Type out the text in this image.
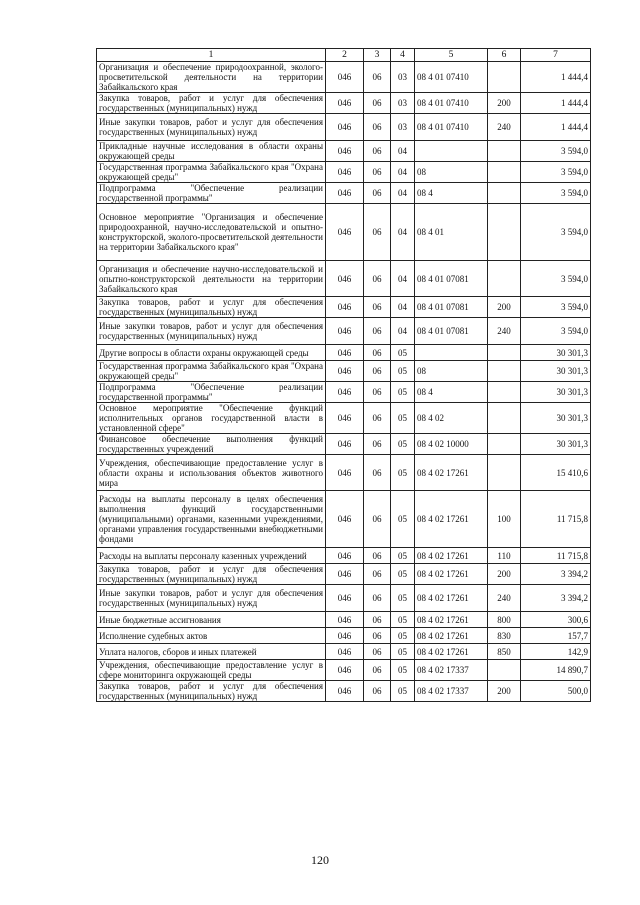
1	2	3	4	5	6	7
Организация и обеспечение природоохранной, эколого-просветительской деятельности на территории Забайкальского края	046	06	03	08 4 01 07410		1 444,4
Закупка товаров, работ и услуг для обеспечения государственных (муниципальных) нужд	046	06	03	08 4 01 07410	200	1 444,4
Иные закупки товаров, работ и услуг для обеспечения государственных (муниципальных) нужд	046	06	03	08 4 01 07410	240	1 444,4
Прикладные научные исследования в области охраны окружающей среды	046	06	04			3 594,0
Государственная программа Забайкальского края "Охрана окружающей среды"	046	06	04	08		3 594,0
Подпрограмма "Обеспечение реализации государственной программы"	046	06	04	08 4		3 594,0
Основное мероприятие "Организация и обеспечение природоохранной, научно-исследовательской и опытно-конструкторской, эколого-просветительской деятельности на территории Забайкальского края"	046	06	04	08 4 01		3 594,0
Организация и обеспечение научно-исследовательской и опытно-конструкторской деятельности на территории Забайкальского края	046	06	04	08 4 01 07081		3 594,0
Закупка товаров, работ и услуг для обеспечения государственных (муниципальных) нужд	046	06	04	08 4 01 07081	200	3 594,0
Иные закупки товаров, работ и услуг для обеспечения государственных (муниципальных) нужд	046	06	04	08 4 01 07081	240	3 594,0
Другие вопросы в области охраны окружающей среды	046	06	05			30 301,3
Государственная программа Забайкальского края "Охрана окружающей среды"	046	06	05	08		30 301,3
Подпрограмма "Обеспечение реализации государственной программы"	046	06	05	08 4		30 301,3
Основное мероприятие "Обеспечение функций исполнительных органов государственной власти в установленной сфере"	046	06	05	08 4 02		30 301,3
Финансовое обеспечение выполнения функций государственных учреждений	046	06	05	08 4 02 10000		30 301,3
Учреждения, обеспечивающие предоставление услуг в области охраны и использования объектов животного мира	046	06	05	08 4 02 17261		15 410,6
Расходы на выплаты персоналу в целях обеспечения выполнения функций государственными (муниципальными) органами, казенными учреждениями, органами управления государственными внебюджетными фондами	046	06	05	08 4 02 17261	100	11 715,8
Расходы на выплаты персоналу казенных учреждений	046	06	05	08 4 02 17261	110	11 715,8
Закупка товаров, работ и услуг для обеспечения государственных (муниципальных) нужд	046	06	05	08 4 02 17261	200	3 394,2
Иные закупки товаров, работ и услуг для обеспечения государственных (муниципальных) нужд	046	06	05	08 4 02 17261	240	3 394,2
Иные бюджетные ассигнования	046	06	05	08 4 02 17261	800	300,6
Исполнение судебных актов	046	06	05	08 4 02 17261	830	157,7
Уплата налогов, сборов и иных платежей	046	06	05	08 4 02 17261	850	142,9
Учреждения, обеспечивающие предоставление услуг в сфере мониторинга окружающей среды	046	06	05	08 4 02 17337		14 890,7
Закупка товаров, работ и услуг для обеспечения государственных (муниципальных) нужд	046	06	05	08 4 02 17337	200	500,0
120
